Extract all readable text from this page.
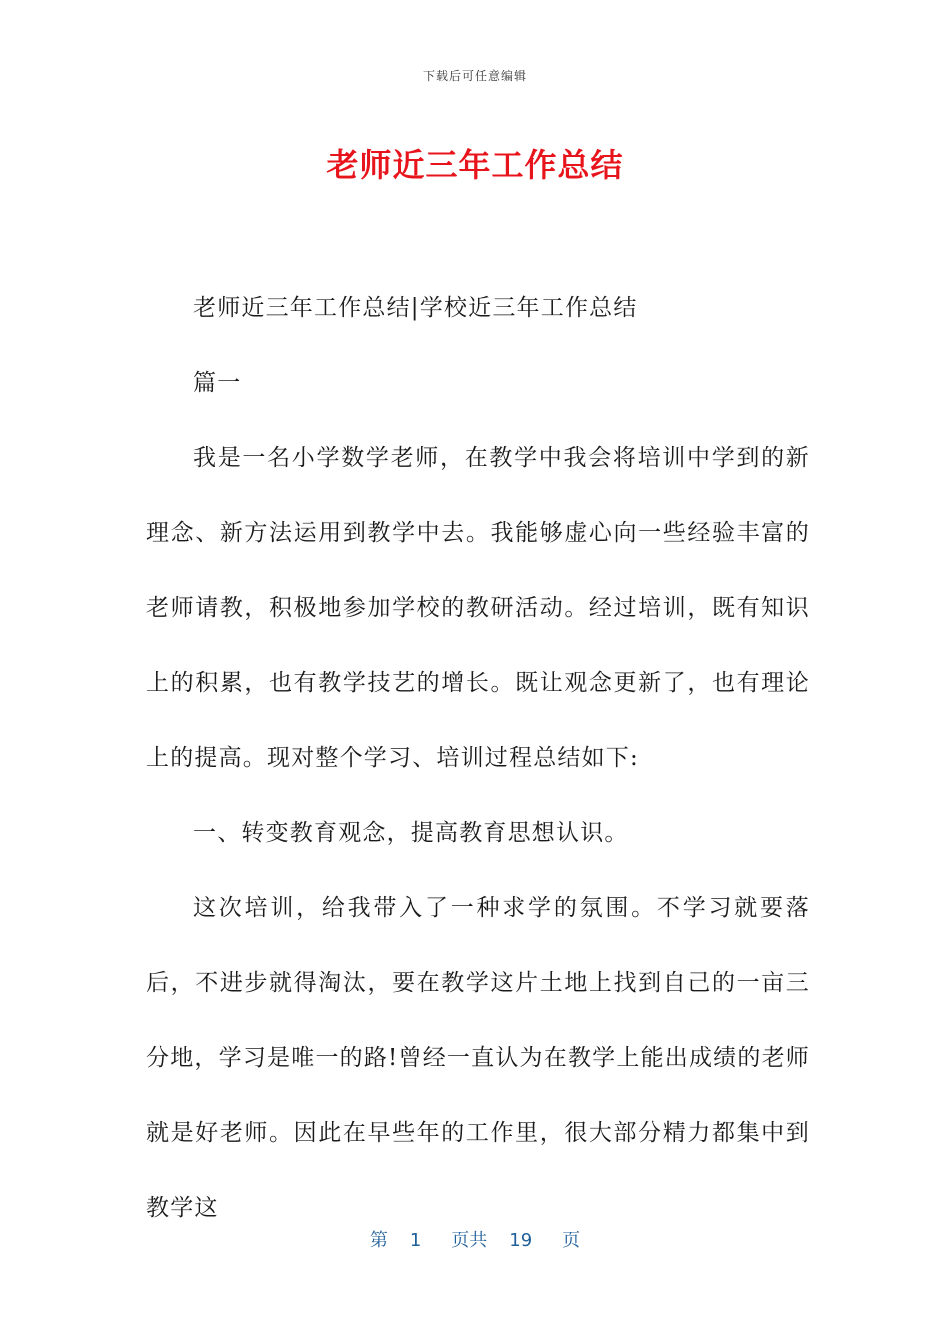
下载后可任意编辑
老师近三年工作总结

老师近三年工作总结|学校近三年工作总结

篇一

我是一名小学数学老师，在教学中我会将培训中学到的新理念、新方法运用到教学中去。我能够虚心向一些经验丰富的老师请教，积极地参加学校的教研活动。经过培训，既有知识上的积累，也有教学技艺的增长。既让观念更新了，也有理论上的提高。现对整个学习、培训过程总结如下:

一、转变教育观念，提高教育思想认识。

这次培训，给我带入了一种求学的氛围。不学习就要落后，不进步就得淘汰，要在教学这片土地上找到自己的一亩三分地，学习是唯一的路!曾经一直认为在教学上能出成绩的老师就是好老师。因此在早些年的工作里，很大部分精力都集中到教学这

第 1 页共 19 页
